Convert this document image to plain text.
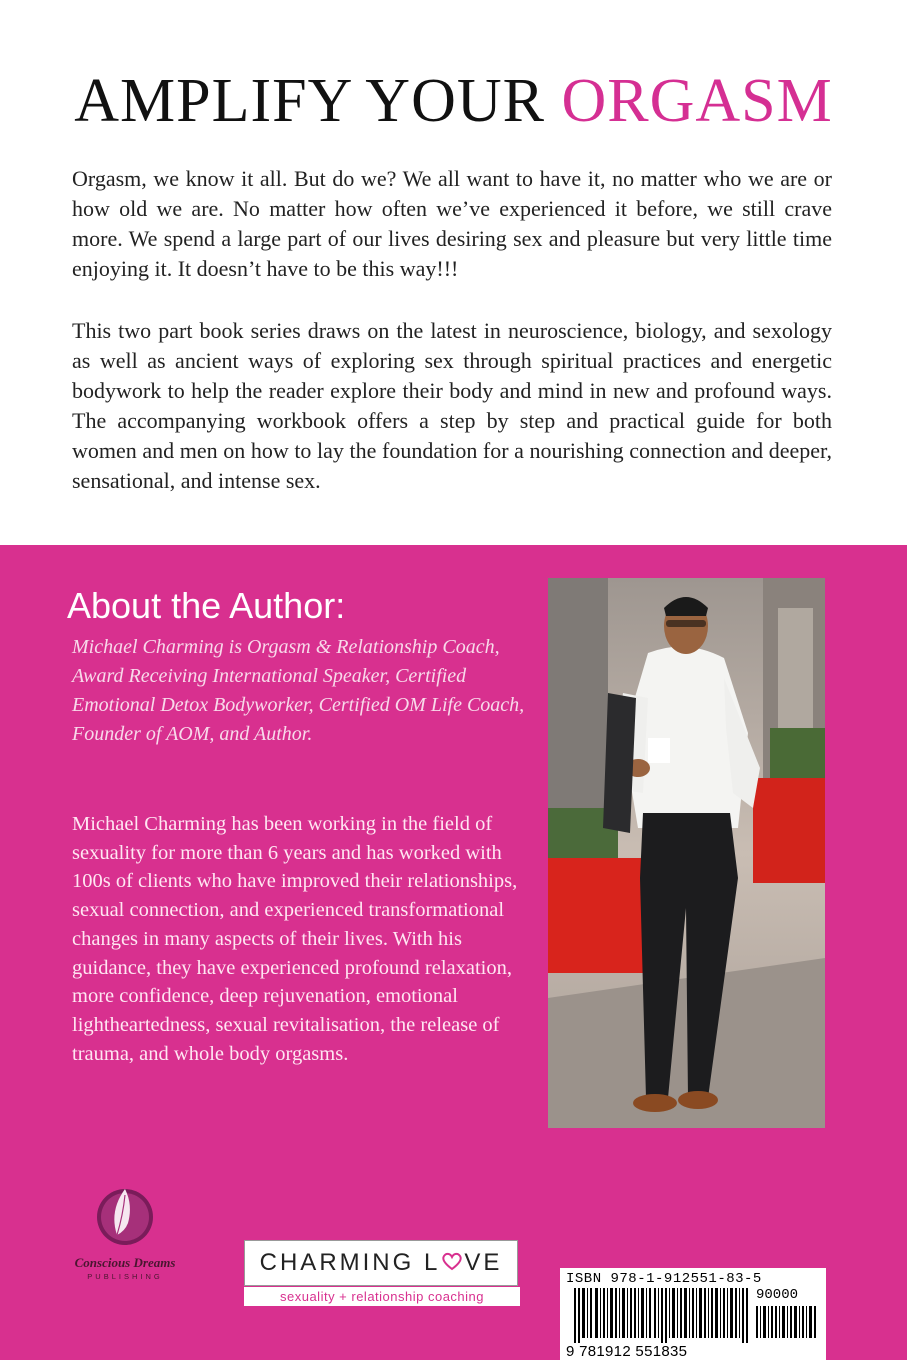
AMPLIFY YOUR ORGASM

Orgasm, we know it all. But do we? We all want to have it, no matter who we are or how old we are. No matter how often we’ve experienced it before, we still crave more. We spend a large part of our lives desiring sex and pleasure but very little time enjoying it. It doesn’t have to be this way!!!

This two part book series draws on the latest in neuroscience, biology, and sexology as well as ancient ways of exploring sex through spiritual practices and energetic bodywork to help the reader explore their body and mind in new and profound ways. The accompanying workbook offers a step by step and practical guide for both women and men on how to lay the foundation for a nourishing connection and deeper, sensational, and intense sex.

About the Author:

Michael Charming is Orgasm & Relationship Coach, Award Receiving International Speaker, Certified Emotional Detox Bodyworker, Certified OM Life Coach, Founder of AOM, and Author.

Michael Charming has been working in the field of sexuality for more than 6 years and has worked with 100s of clients who have improved their relationships, sexual connection, and experienced transformational changes in many aspects of their lives. With his guidance, they have experienced profound relaxation, more confidence, deep rejuvenation, emotional lightheartedness, sexual revitalisation, the release of trauma, and whole body orgasms.

ISBN 978-1-912551-83-5
90000
9 781912 551835
Conscious Dreams
PUBLISHING
CHARMING L VE
sexuality + relationship coaching
